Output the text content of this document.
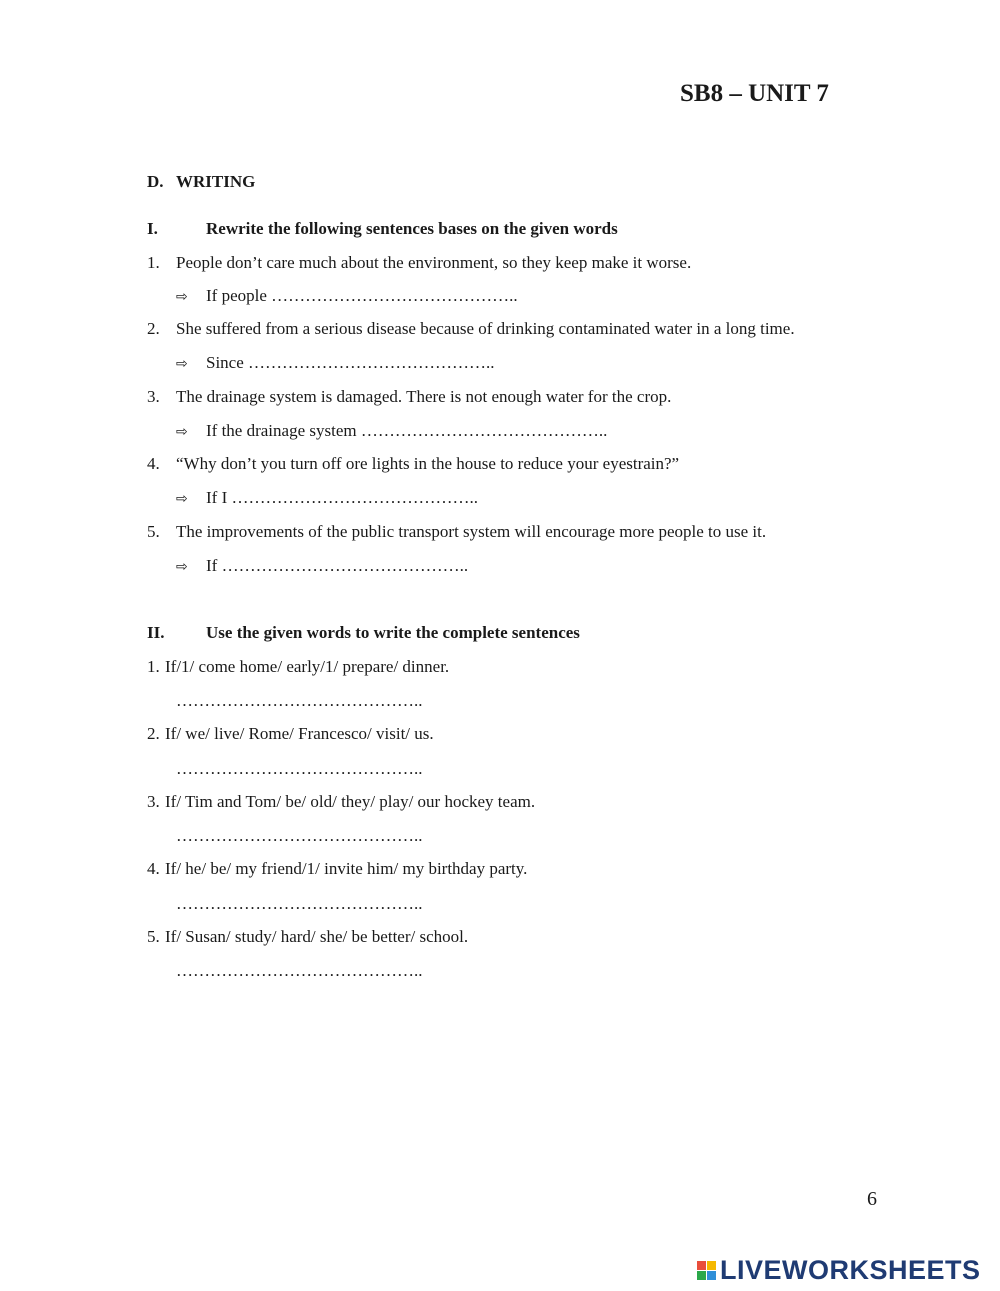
SB8 – UNIT 7
D. WRITING
I.	Rewrite the following sentences bases on the given words
1. People don’t care much about the environment, so they keep make it worse.
⇨ If people ……………………………………..
2. She suffered from a serious disease because of drinking contaminated water in a long time.
⇨ Since ……………………………………..
3. The drainage system is damaged. There is not enough water for the crop.
⇨ If the drainage system ……………………………………..
4. “Why don’t you turn off ore lights in the house to reduce your eyestrain?”
⇨ If I ……………………………………..
5. The improvements of the public transport system will encourage more people to use it.
⇨ If ……………………………………..
II. Use the given words to write the complete sentences
1. If/1/ come home/ early/1/ prepare/ dinner.
……………………………………..
2. If/ we/ live/ Rome/ Francesco/ visit/ us.
……………………………………..
3. If/ Tim and Tom/ be/ old/ they/ play/ our hockey team.
……………………………………..
4. If/ he/ be/ my friend/1/ invite him/ my birthday party.
……………………………………..
5. If/ Susan/ study/ hard/ she/ be better/ school.
……………………………………..
6
LIVEWORKSHEETS
